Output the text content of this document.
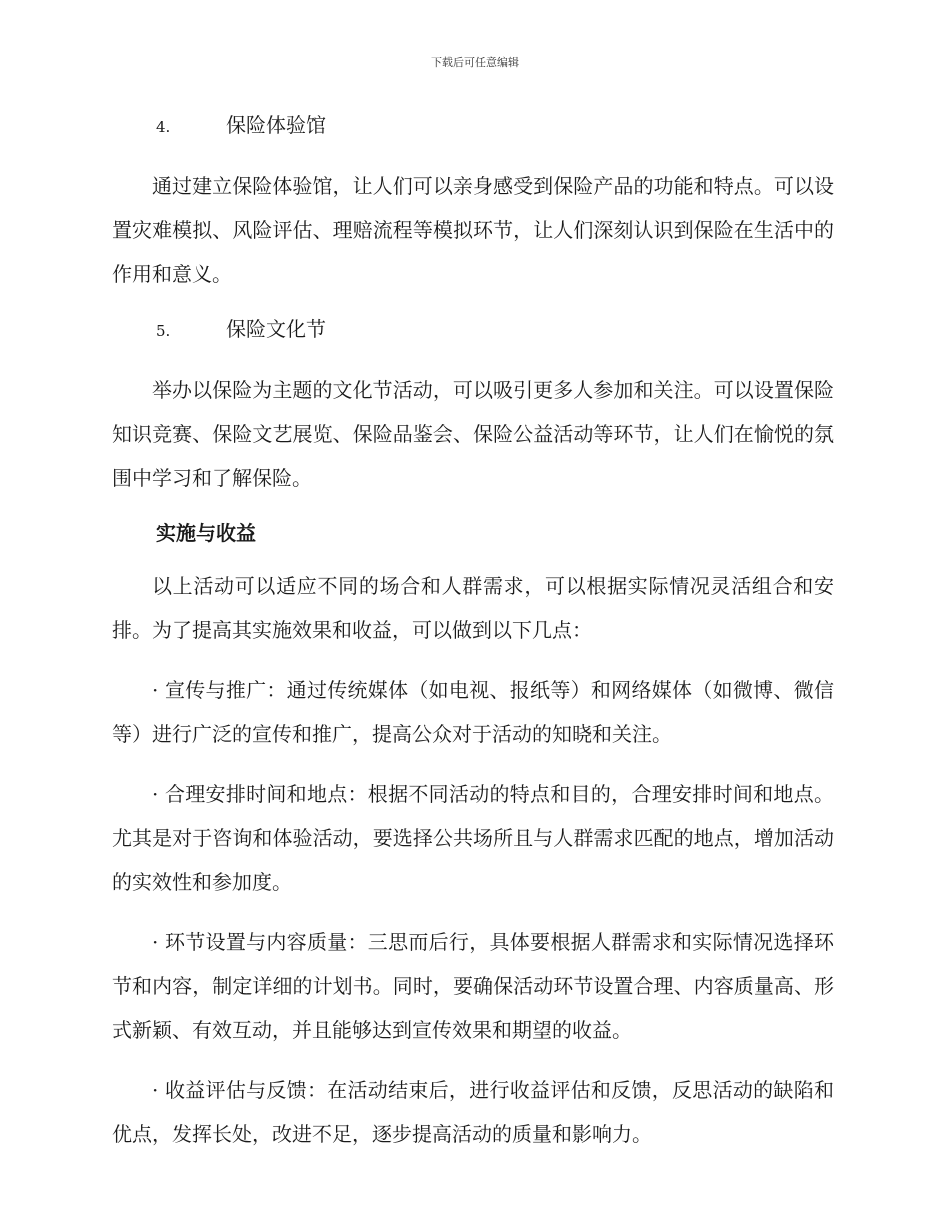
下载后可任意编辑
4.	保险体验馆

通过建立保险体验馆，让人们可以亲身感受到保险产品的功能和特点。可以设置灾难模拟、风险评估、理赔流程等模拟环节，让人们深刻认识到保险在生活中的作用和意义。

5.	保险文化节

举办以保险为主题的文化节活动，可以吸引更多人参加和关注。可以设置保险知识竞赛、保险文艺展览、保险品鉴会、保险公益活动等环节，让人们在愉悦的氛围中学习和了解保险。

实施与收益

以上活动可以适应不同的场合和人群需求，可以根据实际情况灵活组合和安排。为了提高其实施效果和收益，可以做到以下几点：

· 宣传与推广：通过传统媒体（如电视、报纸等）和网络媒体（如微博、微信等）进行广泛的宣传和推广，提高公众对于活动的知晓和关注。

· 合理安排时间和地点：根据不同活动的特点和目的，合理安排时间和地点。尤其是对于咨询和体验活动，要选择公共场所且与人群需求匹配的地点，增加活动的实效性和参加度。

· 环节设置与内容质量：三思而后行，具体要根据人群需求和实际情况选择环节和内容，制定详细的计划书。同时，要确保活动环节设置合理、内容质量高、形式新颖、有效互动，并且能够达到宣传效果和期望的收益。

· 收益评估与反馈：在活动结束后，进行收益评估和反馈，反思活动的缺陷和优点，发挥长处，改进不足，逐步提高活动的质量和影响力。
